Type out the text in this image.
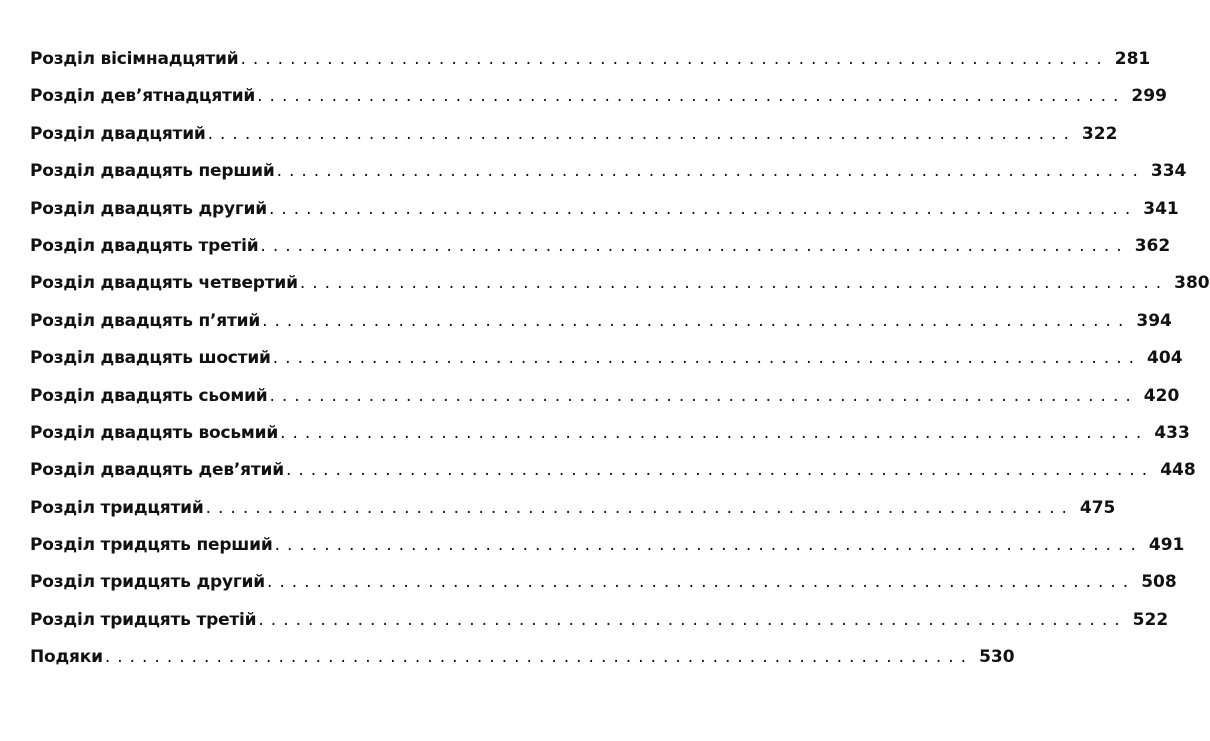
Розділ вісімнадцятий ...................................................................... 281
Розділ дев’ятнадцятий ...................................................................... 299
Розділ двадцятий ...................................................................... 322
Розділ двадцять перший ...................................................................... 334
Розділ двадцять другий ...................................................................... 341
Розділ двадцять третій ...................................................................... 362
Розділ двадцять четвертий ...................................................................... 380
Розділ двадцять п’ятий ...................................................................... 394
Розділ двадцять шостий ...................................................................... 404
Розділ двадцять сьомий ...................................................................... 420
Розділ двадцять восьмий ...................................................................... 433
Розділ двадцять дев’ятий ...................................................................... 448
Розділ тридцятий ...................................................................... 475
Розділ тридцять перший ...................................................................... 491
Розділ тридцять другий ...................................................................... 508
Розділ тридцять третій ...................................................................... 522
Подяки ...................................................................... 530
